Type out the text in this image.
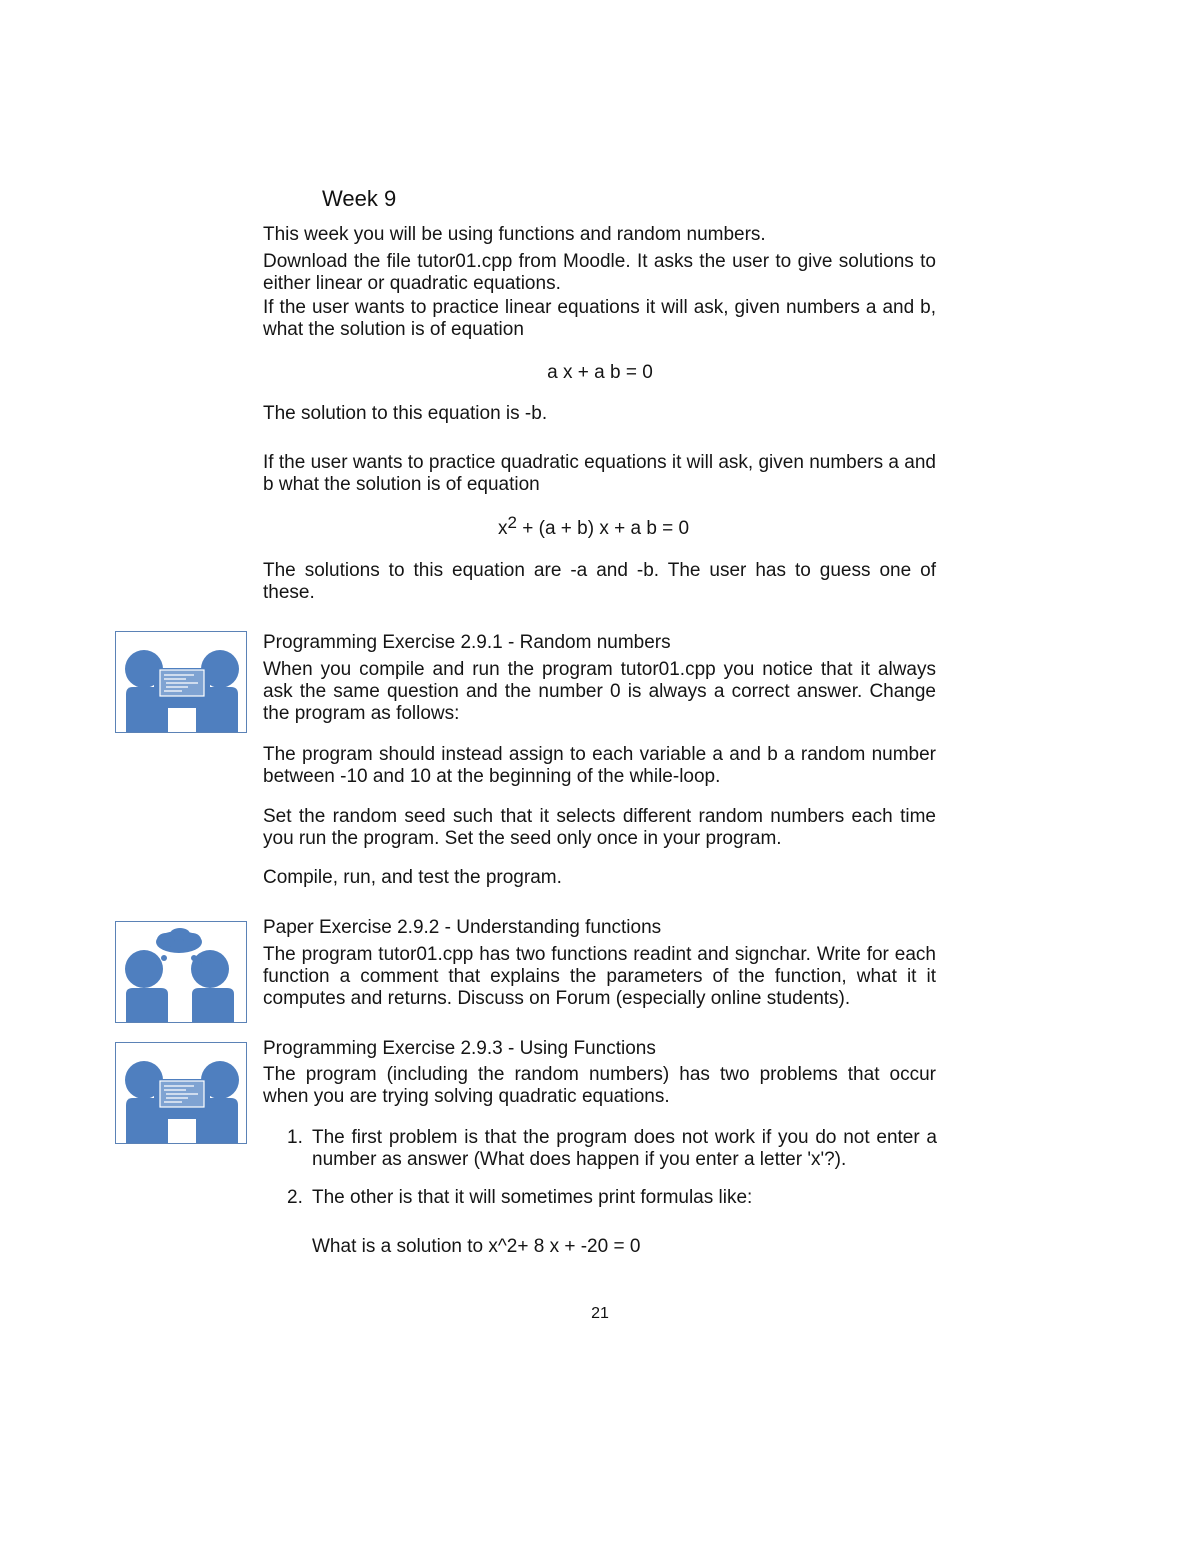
Week 9
This week you will be using functions and random numbers.
Download the file tutor01.cpp from Moodle. It asks the user to give solutions to either linear or quadratic equations.
If the user wants to practice linear equations it will ask, given numbers a and b, what the solution is of equation
a x + a b = 0
The solution to this equation is -b.
If the user wants to practice quadratic equations it will ask, given numbers a and b what the solution is of equation
$x^2 + (a + b) x + a$ b = 0
The solutions to this equation are -a and -b. The user has to guess one of these.
Programming Exercise 2.9.1 - Random numbers
When you compile and run the program tutor01.cpp you notice that it always ask the same question and the number 0 is always a correct answer. Change the program as follows:
The program should instead assign to each variable a and b a random number between -10 and 10 at the beginning of the while-loop.
Set the random seed such that it selects different random numbers each time you run the program. Set the seed only once in your program.
Compile, run, and test the program.
Paper Exercise 2.9.2 - Understanding functions
The program tutor01.cpp has two functions readint and signchar. Write for each function a comment that explains the parameters of the function, what it it computes and returns. Discuss on Forum (especially online students).
Programming Exercise 2.9.3 - Using Functions
The program (including the random numbers) has two problems that occur when you are trying solving quadratic equations.
1. The first problem is that the program does not work if you do not enter a number as answer (What does happen if you enter a letter 'x'?).
2. The other is that it will sometimes print formulas like:
What is a solution to x^2+ 8 x + -20 = 0
21
